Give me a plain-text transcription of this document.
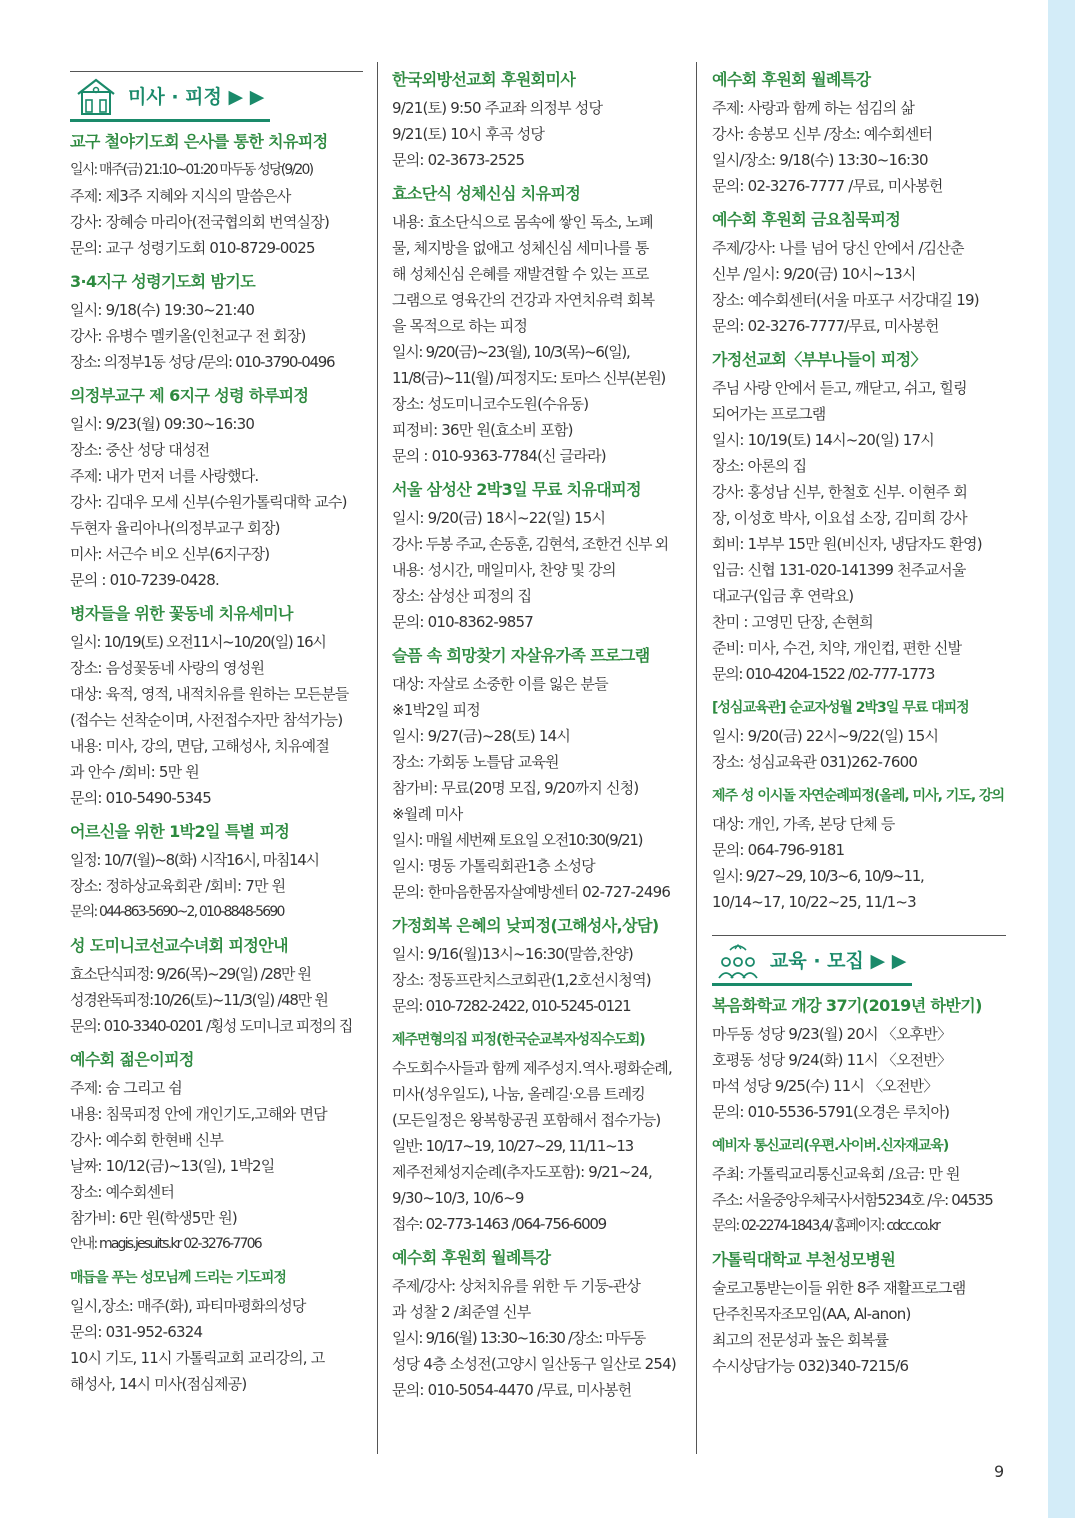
미사 · 피정 ▶ ▶
교구 철야기도회 은사를 통한 치유피정

일시: 매주(금) 21:10~01:20 마두동 성당(9/20)

주제: 제3주 지혜와 지식의 말씀은사

강사: 장혜승 마리아(전국협의회 번역실장)

문의: 교구 성령기도회 010-8729-0025

3·4지구 성령기도회 밤기도

일시: 9/18(수) 19:30~21:40

강사: 유병수 멜키올(인천교구 전 회장)

장소: 의정부1동 성당 /문의: 010-3790-0496

의정부교구 제 6지구 성령 하루피정

일시: 9/23(월) 09:30~16:30

장소: 중산 성당 대성전

주제: 내가 먼저 너를 사랑했다.

강사: 김대우 모세 신부(수원가톨릭대학 교수)

두현자 율리아나(의정부교구 회장)

미사: 서근수 비오 신부(6지구장)

문의 : 010-7239-0428.

병자들을 위한 꽃동네 치유세미나

일시: 10/19(토) 오전11시~10/20(일) 16시

장소: 음성꽃동네 사랑의 영성원

대상: 육적, 영적, 내적치유를 원하는 모든분들

(접수는 선착순이며, 사전접수자만 참석가능)

내용: 미사, 강의, 면담, 고해성사, 치유예절

과 안수 /회비: 5만 원

문의: 010-5490-5345

어르신을 위한 1박2일 특별 피정

일정: 10/7(월)~8(화) 시작16시, 마침14시

장소: 정하상교육회관 /회비: 7만 원

문의: 044-863-5690~2, 010-8848-5690

성 도미니코선교수녀회 피정안내

효소단식피정: 9/26(목)~29(일) /28만 원

성경완독피정:10/26(토)~11/3(일) /48만 원

문의: 010-3340-0201 /횡성 도미니코 피정의 집

예수회 젊은이피정

주제: 숨 그리고 쉼

내용: 침묵피정 안에 개인기도,고해와 면담

강사: 예수회 한현배 신부

날짜: 10/12(금)~13(일), 1박2일

장소: 예수회센터

참가비: 6만 원(학생5만 원)

안내: magis.jesuits.kr 02-3276-7706

매듭을 푸는 성모님께 드리는 기도피정

일시,장소: 매주(화), 파티마평화의성당

문의: 031-952-6324

10시 기도, 11시 가톨릭교회 교리강의, 고

해성사, 14시 미사(점심제공)

한국외방선교회 후원회미사

9/21(토) 9:50 주교좌 의정부 성당

9/21(토) 10시 후곡 성당

문의: 02-3673-2525

효소단식 성체신심 치유피정

내용: 효소단식으로 몸속에 쌓인 독소, 노폐

물, 체지방을 없애고 성체신심 세미나를 통

해 성체신심 은혜를 재발견할 수 있는 프로

그램으로 영육간의 건강과 자연치유력 회복

을 목적으로 하는 피정

일시: 9/20(금)~23(월), 10/3(목)~6(일),

11/8(금)~11(월) /피정지도: 토마스 신부(본원)

장소: 성도미니코수도원(수유동)

피정비: 36만 원(효소비 포함)

문의 : 010-9363-7784(신 글라라)

서울 삼성산 2박3일 무료 치유대피정

일시: 9/20(금) 18시~22(일) 15시

강사: 두봉 주교, 손동훈, 김현석, 조한건 신부 외

내용: 성시간, 매일미사, 찬양 및 강의

장소: 삼성산 피정의 집

문의: 010-8362-9857

슬픔 속 희망찾기 자살유가족 프로그램

대상: 자살로 소중한 이를 잃은 분들

※1박2일 피정

일시: 9/27(금)~28(토) 14시

장소: 가회동 노틀담 교육원

참가비: 무료(20명 모집, 9/20까지 신청)

※월례 미사

일시: 매월 세번째 토요일 오전10:30(9/21)

일시: 명동 가톨릭회관1층 소성당

문의: 한마음한몸자살예방센터 02-727-2496

가정회복 은혜의 낮피정(고해성사,상담)

일시: 9/16(월)13시~16:30(말씀,찬양)

장소: 정동프란치스코회관(1,2호선시청역)

문의: 010-7282-2422, 010-5245-0121

제주면형의집 피정(한국순교복자성직수도회)

수도회수사들과 함께 제주성지.역사.평화순례,

미사(성우일도), 나눔, 올레길·오름 트레킹

(모든일정은 왕복항공권 포함해서 접수가능)

일반: 10/17~19, 10/27~29, 11/11~13

제주전체성지순례(추자도포함): 9/21~24,

9/30~10/3, 10/6~9

접수: 02-773-1463 /064-756-6009

예수회 후원회 월례특강

주제/강사: 상처치유를 위한 두 기둥-관상

과 성찰 2 /최준열 신부

일시: 9/16(월) 13:30~16:30 /장소: 마두동

성당 4층 소성전(고양시 일산동구 일산로 254)

문의: 010-5054-4470 /무료, 미사봉헌

예수회 후원회 월례특강

주제: 사랑과 함께 하는 섬김의 삶

강사: 송봉모 신부 /장소: 예수회센터

일시/장소: 9/18(수) 13:30~16:30

문의: 02-3276-7777 /무료, 미사봉헌

예수회 후원회 금요침묵피정

주제/강사: 나를 넘어 당신 안에서 /김산춘

신부 /일시: 9/20(금) 10시~13시

장소: 예수회센터(서울 마포구 서강대길 19)

문의: 02-3276-7777/무료, 미사봉헌

가정선교회〈부부나들이 피정〉

주님 사랑 안에서 듣고, 깨닫고, 쉬고, 힐링

되어가는 프로그램

일시: 10/19(토) 14시~20(일) 17시

장소: 아론의 집

강사: 홍성남 신부, 한철호 신부. 이현주 회

장, 이성호 박사, 이요섭 소장, 김미희 강사

회비: 1부부 15만 원(비신자, 냉담자도 환영)

입금: 신협 131-020-141399 천주교서울

대교구(입금 후 연락요)

찬미 : 고영민 단장, 손현희

준비: 미사, 수건, 치약, 개인컵, 편한 신발

문의: 010-4204-1522 /02-777-1773

[성심교육관] 순교자성월 2박3일 무료 대피정

일시: 9/20(금) 22시~9/22(일) 15시

장소: 성심교육관 031)262-7600

제주 성 이시돌 자연순례피정(올레, 미사, 기도, 강의

대상: 개인, 가족, 본당 단체 등

문의: 064-796-9181

일시: 9/27~29, 10/3~6, 10/9~11,

10/14~17, 10/22~25, 11/1~3

교육 · 모집 ▶ ▶
복음화학교 개강 37기(2019년 하반기)

마두동 성당 9/23(월) 20시 〈오후반〉

호평동 성당 9/24(화) 11시 〈오전반〉

마석 성당 9/25(수) 11시 〈오전반〉

문의: 010-5536-5791(오경은 루치아)

예비자 통신교리(우편.사이버.신자재교육)

주최: 가톨릭교리통신교육회 /요금: 만 원

주소: 서울중앙우체국사서함5234호 /우: 04535

문의: 02-2274-1843,4/ 홈페이지: cdcc.co.kr

가톨릭대학교 부천성모병원

술로고통받는이들 위한 8주 재활프로그램

단주친목자조모임(AA, Al-anon)

최고의 전문성과 높은 회복률

수시상담가능 032)340-7215/6

9
